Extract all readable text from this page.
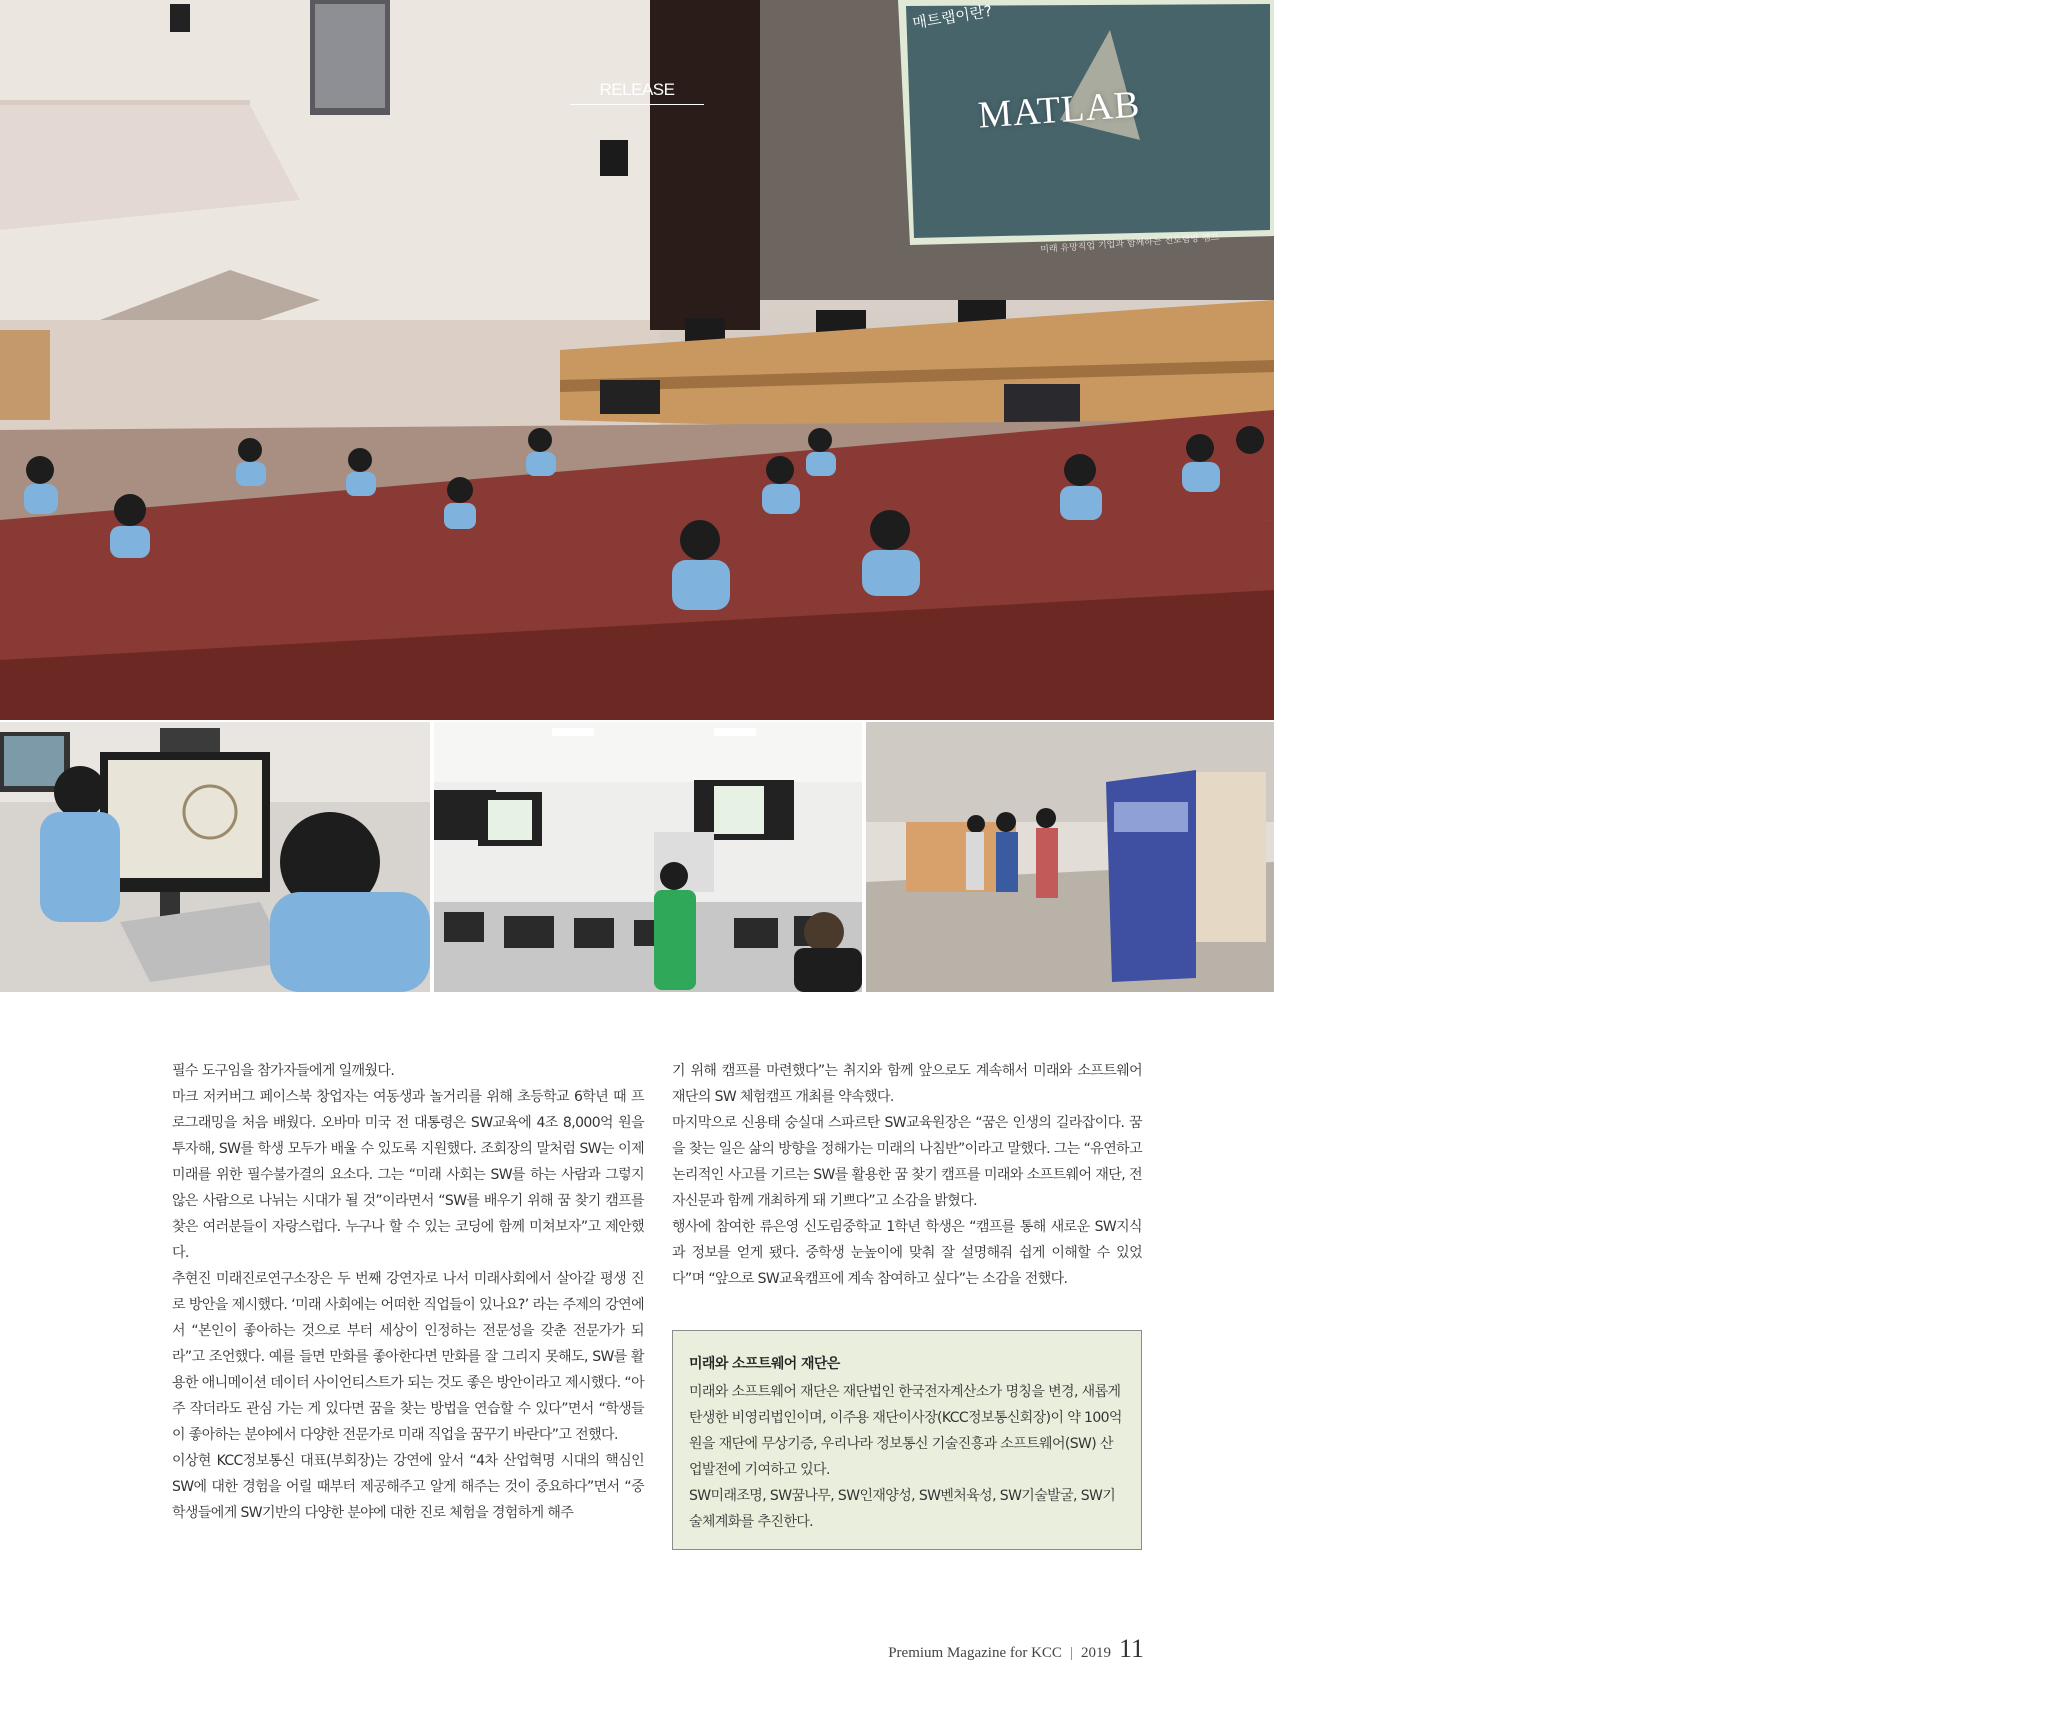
RELEASE
매트랩이란?
MATLAB
미래 유망직업 기업과 함께하는 진로탐방 캠프
'미래 유망직업 기업과 함께하는 진로탐방 캠프'
'미래와 소프트웨어재단'과 함께하는 꿈 찾기 캠프

필수 도구임을 참가자들에게 일깨웠다.

마크 저커버그 페이스북 창업자는 여동생과 놀거리를 위해 초등학교 6학년 때 프로그래밍을 처음 배웠다. 오바마 미국 전 대통령은 SW교육에 4조 8,000억 원을 투자해, SW를 학생 모두가 배울 수 있도록 지원했다. 조회장의 말처럼 SW는 이제 미래를 위한 필수불가결의 요소다. 그는 “미래 사회는 SW를 하는 사람과 그렇지 않은 사람으로 나뉘는 시대가 될 것”이라면서 “SW를 배우기 위해 꿈 찾기 캠프를 찾은 여러분들이 자랑스럽다. 누구나 할 수 있는 코딩에 함께 미쳐보자”고 제안했다.

추현진 미래진로연구소장은 두 번째 강연자로 나서 미래사회에서 살아갈 평생 진로 방안을 제시했다. ‘미래 사회에는 어떠한 직업들이 있나요?’ 라는 주제의 강연에서 “본인이 좋아하는 것으로 부터 세상이 인정하는 전문성을 갖춘 전문가가 되라”고 조언했다. 예를 들면 만화를 좋아한다면 만화를 잘 그리지 못해도, SW를 활용한 애니메이션 데이터 사이언티스트가 되는 것도 좋은 방안이라고 제시했다. “아주 작더라도 관심 가는 게 있다면 꿈을 찾는 방법을 연습할 수 있다”면서 “학생들이 좋아하는 분야에서 다양한 전문가로 미래 직업을 꿈꾸기 바란다”고 전했다.

이상현 KCC정보통신 대표(부회장)는 강연에 앞서 “4차 산업혁명 시대의 핵심인 SW에 대한 경험을 어릴 때부터 제공해주고 알게 해주는 것이 중요하다”면서 “중학생들에게 SW기반의 다양한 분야에 대한 진로 체험을 경험하게 해주

기 위해 캠프를 마련했다”는 취지와 함께 앞으로도 계속해서 미래와 소프트웨어 재단의 SW 체험캠프 개최를 약속했다.

마지막으로 신용태 숭실대 스파르탄 SW교육원장은 “꿈은 인생의 길라잡이다. 꿈을 찾는 일은 삶의 방향을 정해가는 미래의 나침반”이라고 말했다. 그는 “유연하고 논리적인 사고를 기르는 SW를 활용한 꿈 찾기 캠프를 미래와 소프트웨어 재단, 전자신문과 함께 개최하게 돼 기쁘다”고 소감을 밝혔다.

행사에 참여한 류은영 신도림중학교 1학년 학생은 “캠프를 통해 새로운 SW지식과 정보를 얻게 됐다. 중학생 눈높이에 맞춰 잘 설명해줘 쉽게 이해할 수 있었다”며 “앞으로 SW교육캠프에 계속 참여하고 싶다”는 소감을 전했다.

미래와 소프트웨어 재단은

미래와 소프트웨어 재단은 재단법인 한국전자계산소가 명칭을 변경, 새롭게 탄생한 비영리법인이며, 이주용 재단이사장(KCC정보통신회장)이 약 100억 원을 재단에 무상기증, 우리나라 정보통신 기술진흥과 소프트웨어(SW) 산업발전에 기여하고 있다.

SW미래조명, SW꿈나무, SW인재양성, SW벤처육성, SW기술발굴, SW기술체계화를 추진한다.

Premium Magazine for KCC | 2019 11
